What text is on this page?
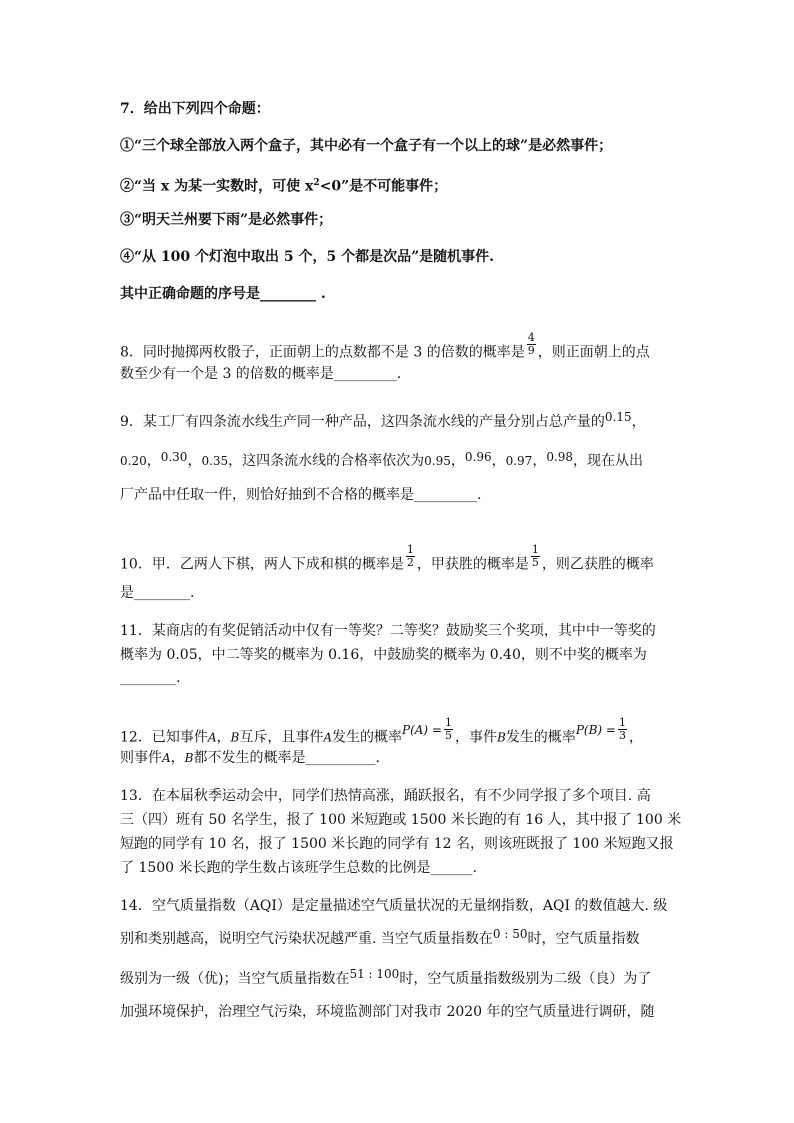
7．给出下列四个命题：
①“三个球全部放入两个盒子，其中必有一个盒子有一个以上的球”是必然事件；
②“当 x 为某一实数时，可使 $x^2<0$”是不可能事件；
③“明天兰州要下雨”是必然事件；
④“从 100 个灯泡中取出 5 个，5 个都是次品”是随机事件.
其中正确命题的序号是________ .
8．同时抛掷两枚骰子，正面朝上的点数都不是 3 的倍数的概率是 $\frac{4}{9}$ ，则正面朝上的点
数至少有一个是 3 的倍数的概率是_________.
9．某工厂有四条流水线生产同一种产品，这四条流水线的产量分别占总产量的0.15，
0.20，0.30，0.35，这四条流水线的合格率依次为0.95，0.96，0.97，0.98，现在从出
厂产品中任取一件，则恰好抽到不合格的概率是_________.
10．甲．乙两人下棋，两人下成和棋的概率是 $\frac{1}{2}$ ，甲获胜的概率是 $\frac{1}{5}$ ，则乙获胜的概率
是________.
11．某商店的有奖促销活动中仅有一等奖？二等奖？鼓励奖三个奖项，其中中一等奖的
概率为 0.05，中二等奖的概率为 0.16，中鼓励奖的概率为 0.40，则不中奖的概率为
________.
12．已知事件A，B互斥，且事件A发生的概率$P(A) = \frac{1}{5}$ ，事件B发生的概率$P(B) = \frac{1}{3}$ ，
则事件A，B都不发生的概率是__________.
13．在本届秋季运动会中，同学们热情高涨，踊跃报名，有不少同学报了多个项目. 高
三（四）班有 50 名学生，报了 100 米短跑或 1500 米长跑的有 16 人，其中报了 100 米
短跑的同学有 10 名，报了 1500 米长跑的同学有 12 名，则该班既报了 100 米短跑又报
了 1500 米长跑的学生数占该班学生总数的比例是______.
14．空气质量指数（AQI）是定量描述空气质量状况的无量纲指数，AQI 的数值越大. 级
别和类别越高，说明空气污染状况越严重. 当空气质量指数在0 : 50时，空气质量指数
级别为一级（优)；当空气质量指数在51 : 100时，空气质量指数级别为二级（良）为了
加强环境保护，治理空气污染，环境监测部门对我市 2020 年的空气质量进行调研，随
